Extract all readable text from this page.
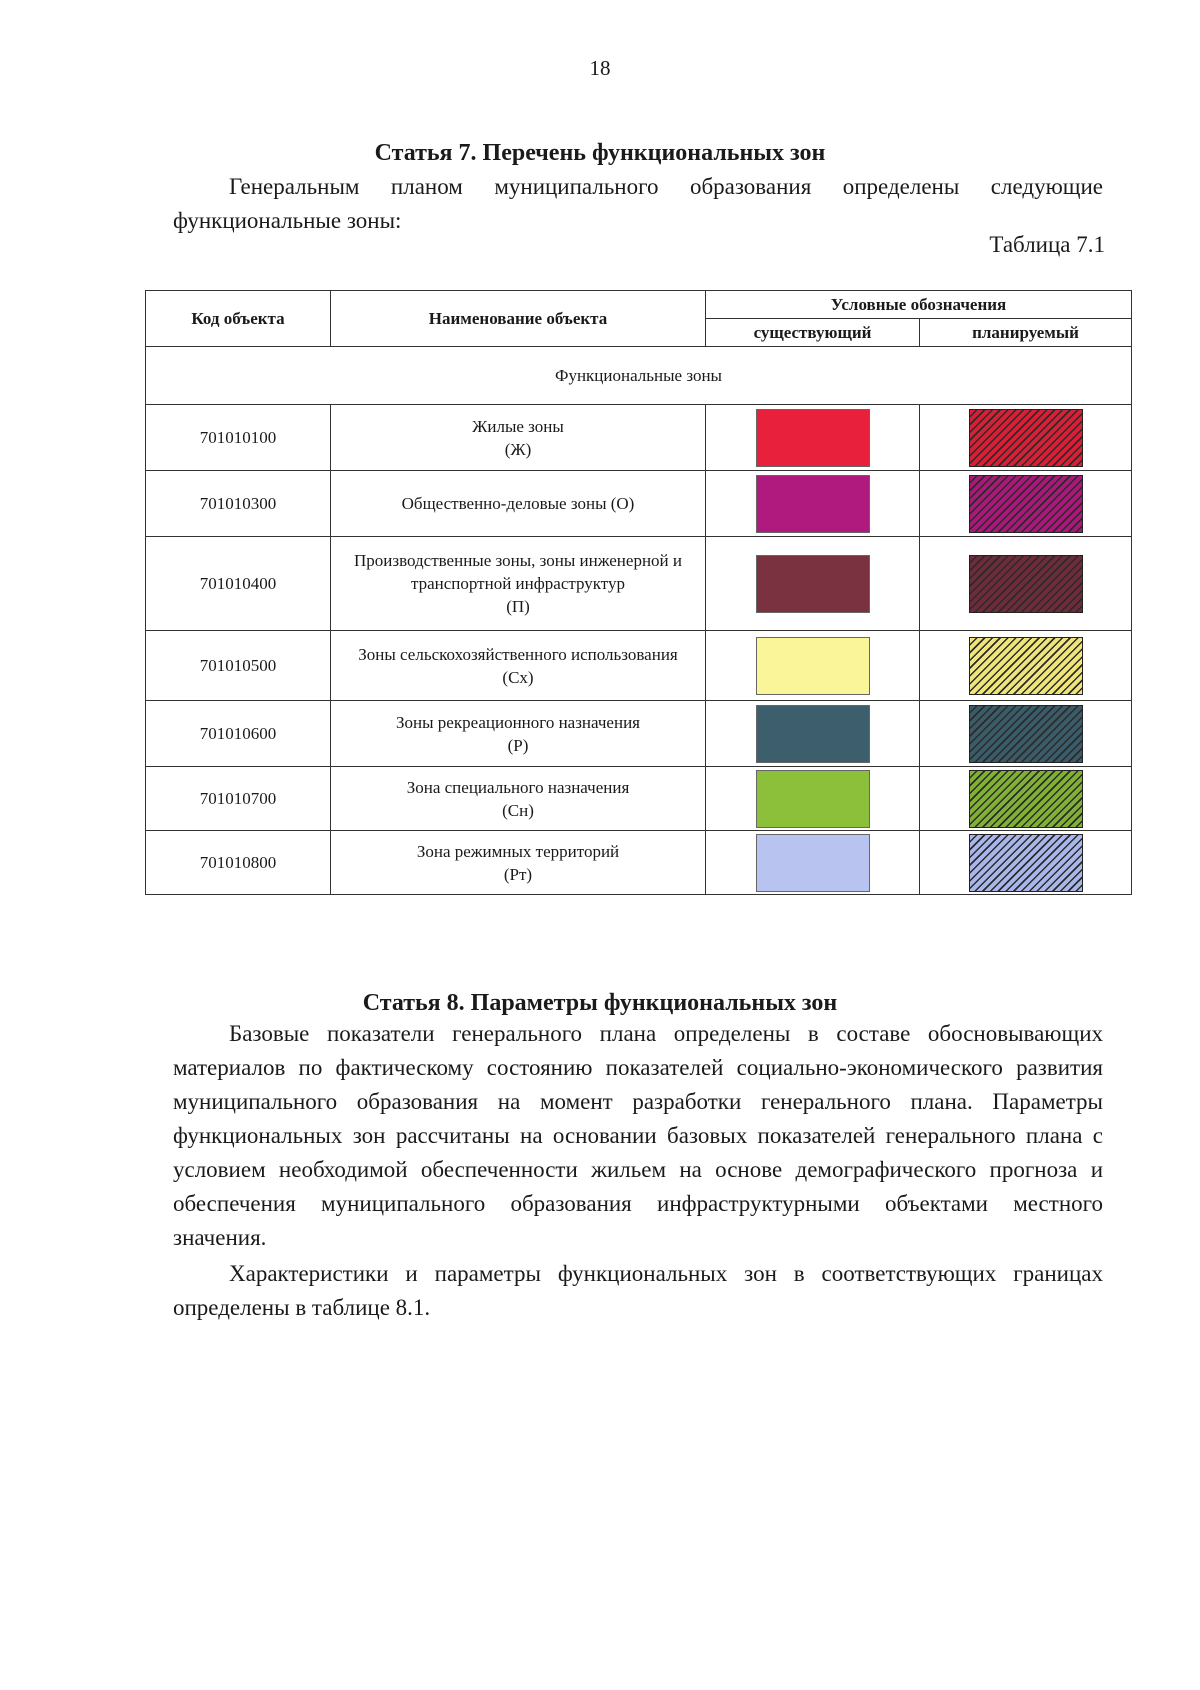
18
Статья 7. Перечень функциональных зон
Генеральным планом муниципального образования определены следующие функциональные зоны:
Таблица 7.1
Код объекта	Наименование объекта	Условные обозначения	
		существующий	планируемый
Функциональные зоны			
701010100	Жилые зоны
(Ж)		
701010300	Общественно-деловые зоны (О)		
701010400	Производственные зоны, зоны инженерной и транспортной инфраструктур
(П)		
701010500	Зоны сельскохозяйственного использования
(Сх)		
701010600	Зоны рекреационного назначения
(Р)		
701010700	Зона специального назначения
(Сн)		
701010800	Зона режимных территорий
(Рт)		
Статья 8. Параметры функциональных зон
Базовые показатели генерального плана определены в составе обосновывающих материалов по фактическому состоянию показателей социально-экономического развития муниципального образования на момент разработки генерального плана. Параметры функциональных зон рассчитаны на основании базовых показателей генерального плана с условием необходимой обеспеченности жильем на основе демографического прогноза и обеспечения муниципального образования инфраструктурными объектами местного значения.
Характеристики и параметры функциональных зон в соответствующих границах определены в таблице 8.1.
